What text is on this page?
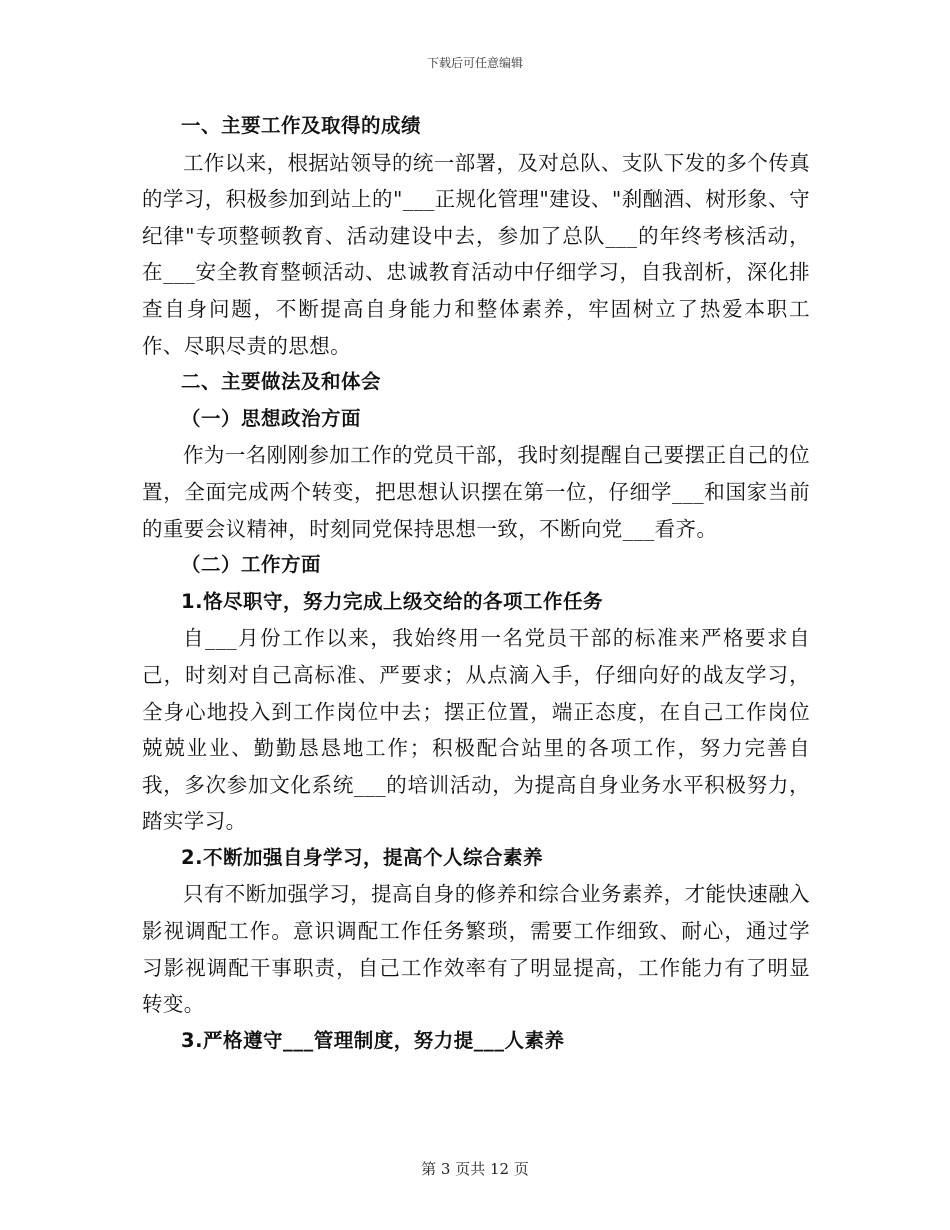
下载后可任意编辑
一、主要工作及取得的成绩

工作以来，根据站领导的统一部署，及对总队、支队下发的多个传真的学习，积极参加到站上的"___正规化管理"建设、"刹酗酒、树形象、守纪律"专项整顿教育、活动建设中去，参加了总队___的年终考核活动，在___安全教育整顿活动、忠诚教育活动中仔细学习，自我剖析，深化排查自身问题，不断提高自身能力和整体素养，牢固树立了热爱本职工作、尽职尽责的思想。

二、主要做法及和体会
（一）思想政治方面

作为一名刚刚参加工作的党员干部，我时刻提醒自己要摆正自己的位置，全面完成两个转变，把思想认识摆在第一位，仔细学___和国家当前的重要会议精神，时刻同党保持思想一致，不断向党___看齐。

（二）工作方面
1.恪尽职守，努力完成上级交给的各项工作任务

自___月份工作以来，我始终用一名党员干部的标准来严格要求自己，时刻对自己高标准、严要求；从点滴入手，仔细向好的战友学习，全身心地投入到工作岗位中去；摆正位置，端正态度，在自己工作岗位兢兢业业、勤勤恳恳地工作；积极配合站里的各项工作，努力完善自我，多次参加文化系统___的培训活动，为提高自身业务水平积极努力，踏实学习。

2.不断加强自身学习，提高个人综合素养

只有不断加强学习，提高自身的修养和综合业务素养，才能快速融入影视调配工作。意识调配工作任务繁琐，需要工作细致、耐心，通过学习影视调配干事职责，自己工作效率有了明显提高，工作能力有了明显转变。

3.严格遵守___管理制度，努力提___人素养
第 3 页共 12 页
